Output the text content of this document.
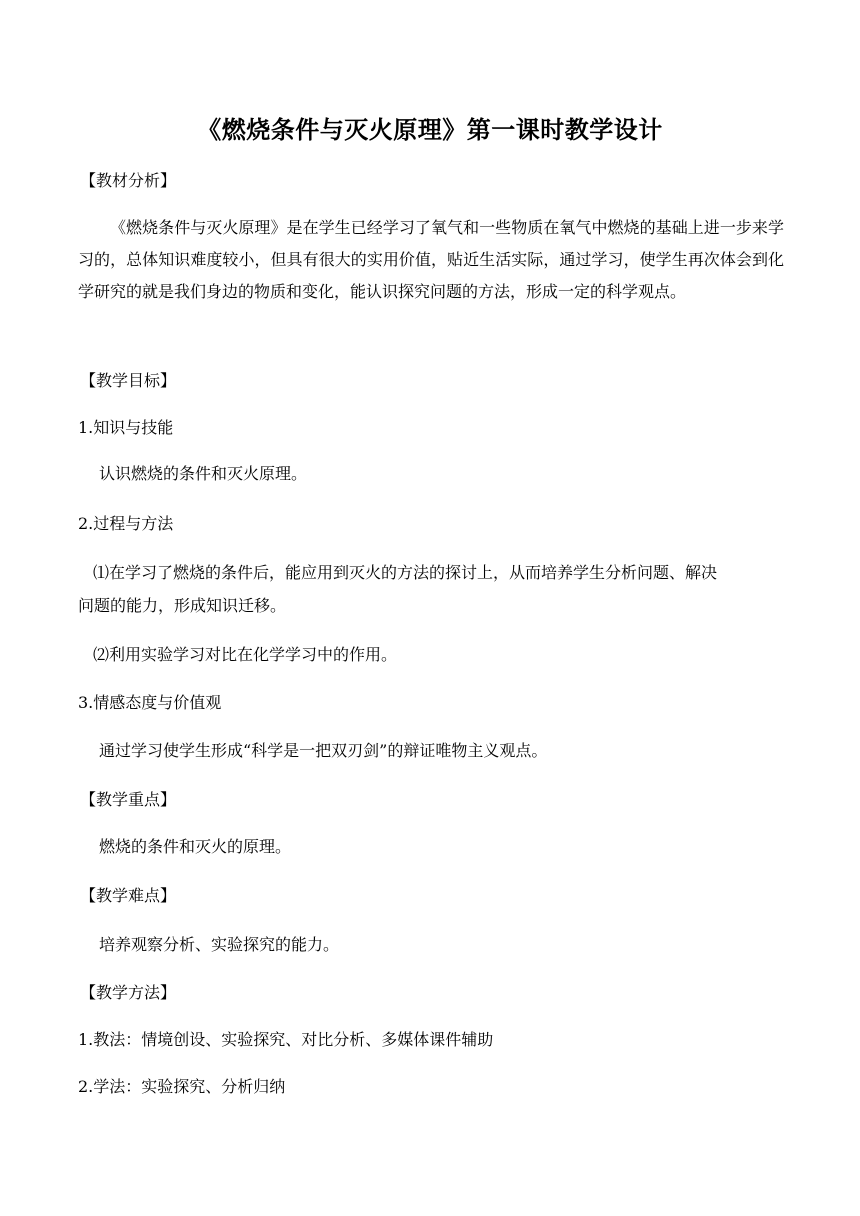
《燃烧条件与灭火原理》第一课时教学设计
【教材分析】
《燃烧条件与灭火原理》是在学生已经学习了氧气和一些物质在氧气中燃烧的基础上进一步来学习的，总体知识难度较小，但具有很大的实用价值，贴近生活实际，通过学习，使学生再次体会到化学研究的就是我们身边的物质和变化，能认识探究问题的方法，形成一定的科学观点。
【教学目标】
1.知识与技能
认识燃烧的条件和灭火原理。
2.过程与方法
⑴在学习了燃烧的条件后，能应用到灭火的方法的探讨上，从而培养学生分析问题、解决
问题的能力，形成知识迁移。
⑵利用实验学习对比在化学学习中的作用。
3.情感态度与价值观
通过学习使学生形成“科学是一把双刃剑”的辩证唯物主义观点。
【教学重点】
燃烧的条件和灭火的原理。
【教学难点】
培养观察分析、实验探究的能力。
【教学方法】
1.教法：情境创设、实验探究、对比分析、多媒体课件辅助
2.学法：实验探究、分析归纳
